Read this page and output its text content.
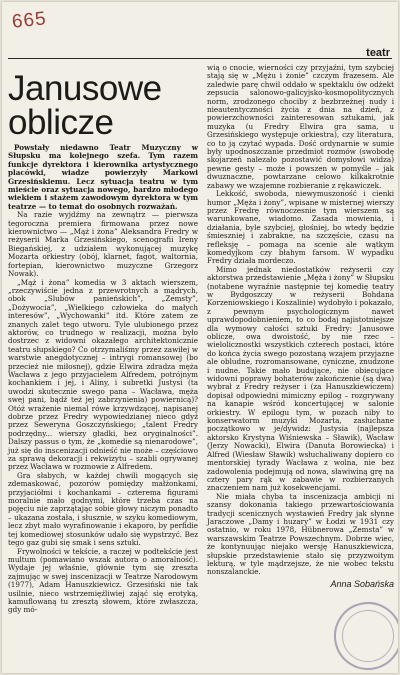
665
teatr
Janusowe oblicze

Powstały niedawno Teatr Muzyczny w Słupsku ma kolejnego szefa. Tym razem funkcje dyrektora i kierownika artystycznego placówki, wiadze powierzyły Markowi Grzesińskiemu. Lecz sytuacja teatru w tym mieście oraz sytuacja nowego, bardzo młodego wiekiem i stażem zawodowym dyrektora w tym teatrze — to temat do osobnych rozważań.

Na razie wyjdźmy na zewnątrz — pierwsza tegoroczna premiera firmowana przez nowe kierownictwo — „Mąż i żona” Aleksandra Fredry w reżyserii Marka Grzesińskiego, scenografii Ireny Biegańskiej, z udziałem wykonującej muzykę Mozarta orkiestry (obój, klarnet, fagot, waltornia, fortepian, kierownictwo muzyczne Grzegorz Nowak).

„Mąż i żona” komedia w 3 aktach wierszem, „rzeczywiście jedna z przewrotnych a mądrych, obok „Slubów panieńskich”, „Zemsty”, „Dożywocia”, „Wielkiego człowieka do małych interesów”, „Wychowanki” itd. Które zatem ze znanych zalet tego utworu. Tyle ulubionego przez aktorów, co trudnego w realizacji, można było dostrzec z widowni okazałego architektonicznie teatru słupskiego? Co otrzymaliśmy przez zawiłej w warstwie anegdotycznej – intrygi romansowej (bo przecież nie miłosnej), gdzie Elwira zdradza męża Wacława z jego przyjacielem Alfredem, potrójnym kochankiem i jej, i Aliny, i subretki Justysi (ta uwodzi skutecznie swego pana – Wacława, męża swej pani, bądź też jej zabrzynienia) powiernicą)? Otóż wrażenie niemal rówe krzywdzącej, napisanej dobrze przez Fredry wypowiedzianej nieco gdyż przez Seweryna Goszczyńskiego; „talent Fredry podrzędny... wierszy gładki, bez oryginalności”. Dalszy passus o tym, że „komedie są nienarodowe”, już się do inscenizacji odnieść nie może – częściowo za sprawą dekoracji i rekwizytu – szabli ogrywanej przez Wacława w rozmowie z Alfredem.

Gra słabych, w każdej chwili mogących się zdemaskować, pozorów pomiędzy małżonkami, przyjaciółmi i kochankami – czterema figurami moralnie mało godnymi, które trzeba czas na pojęciu nie zaprzątając sobie głowy niczym ponadto – ukazana została, i słusznie, w szyku komediowym, lecz zbyt mało wyrafinowanie i ekaporo, by perfidie tej komediowej stosunków udało się wypstrzyć. Bez tego gaz gubi się smak i sens sztuki.

Frywolności w tekście, a raczej w podtekście jest multum (pomawiano wszak autora o amoralność). Wydaje jej właśnie, głównie tym się zreszta zajmując w swej inscenizacji w Teatrze Narodowym (1977), Adam Hanuszkiewicz. Grzesiński nie tak usilnie, nieco wstrzemięźliwiej zająć się erotyką, kamuflowaną tu zresztą słowem, które zwłaszcza, gdy mó-

wią o cnocie, wierności czy przyjaźni, tym szybciej stają się w „Mężu i żonie” czczym frazesem. Ale zaledwie parę chwil oddało w spektaklu ów odżekt zepsucia salonowo-galicyjsko-kosmopolitycznych norm, zrodzonego chociby z bezbrzeżnej nudy i nieautentyczności życia z dnia na dzień, z powierzchowności zainteresowan sztukami, jak muzyka (u Fredry Elwira gra sama, u Grzesińskiego występuje orkiestra), czy literatura, co to ją czytać wypada. Dość ordynarnie w sumie były upodnoszczanie przedmiot rozmów (swobodę skojarzeń nalezało pozostawić domysłowi widza) pewne gesty – może i powszen w pomyśle – jak dwuznaczne, powtarzane celowo kilkakrotnie zabawy we wzajemne rozbieranie z rękawiczek.

Lekkość, swoboda, niewymuszoność i cienki humor „Męża i żony”, wpisane w misternej wierszy przez Fredrę równoczesnie tym wierszem są warunkowane, wiadomo. Zasada mowienia, i działania, byle szybciej, głośniej, bo wtedy będzie śmieszniej i zabrakne, na szczęście, czasu na refleksję – pomaga na scenie ale wątkym komedyjkom czy błahym farsom. W wypadku Fredry działa mordeczo.

Mimo jednak niedostatków reżyserii czy aktorstwa przedstawienie „Męża i żony” w Słupsku (notabene wyraźnie następnie tej komedię teatry w Bydgoszczy w reżyserii Bohdana Korzeniowskiego i Koszalinie) wydobyło i pokazało, z pewnym psychologicznym nawet uprawdopodobnieniem, to co bodaj najistotniejsze dla wymowy całości sztuki Fredry: Janusowe oblicze, owa dwoistość, by nie rzec – wielolicznostki wszystkich czterech postaci, które do końca życia swego pozostaną wzajem przyjazne ale obludne, rozromansowane, cyniczne, znudzone i nudne. Takie mało budujące, nie obiecujące widowni poprawy bohaterów zakończenie (są dwa) wybrał z Fredry reżyser i (za Hanuszkiewiczem) dopisał odpowiedni mimiczny epilog – rozgrywany na kanapie wśród koncertującej w salonie orkiestry. W epilogu tym, w pozach niby to konserwatorm muzyki Mozarta, zasłuchane początkowo w je/dywidz: Justysia (najlepsza aktorsko Krystyna Wiśniewska – Sławik), Wacław (Jerzy Nowacki), Elwira (Danuta Borowiecka) i Alfred (Wiesław Sławik) wsłuchaliwany dopiero co mentorskiej tyrady Wacława z wolna, nie bez zadowolenia podejmują od nowa, sławiwiną grę na cztery pary rąk w zabawie w rozbierzanych znaczeniem nam już kosekwencjami.

Nie miała chyba ta inscenizacja ambicji ni szansy dokonania takiego przewartościowania tradycji scenicznych wystawień Fredry jak słynne Jaraczowe „Damy i huzary” w Łodzi w 1931 czy ostatnio, w roku 1978, Hübnerowa „Zemsta” w warszawskim Teatrze Powszechnym. Dobrze wiec, że kontynuując niejako wersję Hanuszkiewicza, słupskie przedstawienie stało się przyzwoitym lekturą, w tyle mądrzejsze, że nie wobec tekstu nonszalanckie.

Anna Sobańska
